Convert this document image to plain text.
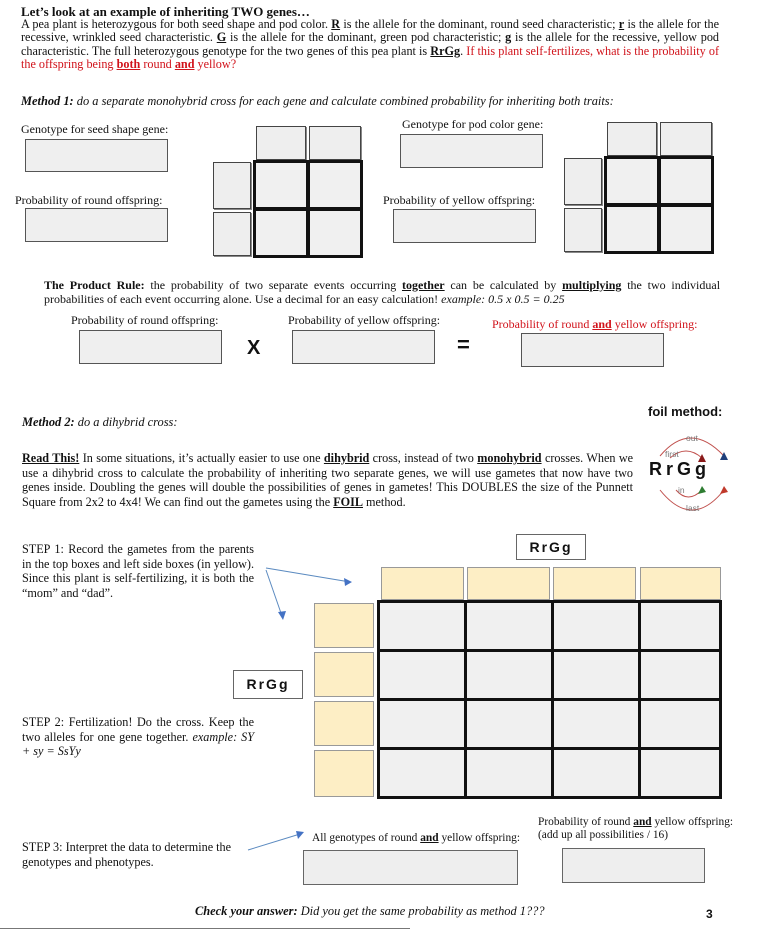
Let’s look at an example of inheriting TWO genes…
A pea plant is heterozygous for both seed shape and pod color. R is the allele for the dominant, round seed characteristic; r is the allele for the recessive, wrinkled seed characteristic. G is the allele for the dominant, green pod characteristic; g is the allele for the recessive, yellow pod characteristic. The full heterozygous genotype for the two genes of this pea plant is RrGg. If this plant self-fertilizes, what is the probability of the offspring being both round and yellow?
Method 1: do a separate monohybrid cross for each gene and calculate combined probability for inheriting both traits:
Genotype for seed shape gene:
Probability of round offspring:
Genotype for pod color gene:
Probability of yellow offspring:
The Product Rule: the probability of two separate events occurring together can be calculated by multiplying the two individual probabilities of each event occurring alone. Use a decimal for an easy calculation! example: 0.5 x 0.5 = 0.25
Probability of round offspring:	Probability of yellow offspring:	Probability of round and yellow offspring:
X	=
Method 2: do a dihybrid cross:
foil method:
out
first
RrGg
in
last
Read This! In some situations, it’s actually easier to use one dihybrid cross, instead of two monohybrid crosses. When we use a dihybrid cross to calculate the probability of inheriting two separate genes, we will use gametes that now have two genes inside. Doubling the genes will double the possibilities of genes in gametes! This DOUBLES the size of the Punnett Square from 2x2 to 4x4! We can find out the gametes using the FOIL method.
STEP 1: Record the gametes from the parents in the top boxes and left side boxes (in yellow). Since this plant is self-fertilizing, it is both the “mom” and “dad”.
RrGg
RrGg
STEP 2: Fertilization! Do the cross. Keep the two alleles for one gene together. example: SY + sy = SsYy
STEP 3: Interpret the data to determine the genotypes and phenotypes.
All genotypes of round and yellow offspring:
Probability of round and yellow offspring:
(add up all possibilities / 16)
Check your answer: Did you get the same probability as method 1???	3
